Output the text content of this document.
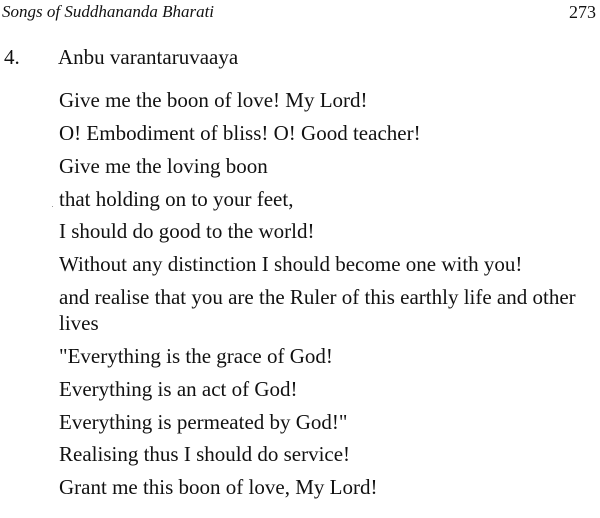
Songs of Suddhananda Bharati	273
4. Anbu varantaruvaaya
Give me the boon of love! My Lord!
O! Embodiment of bliss! O! Good teacher!
Give me the loving boon
that holding on to your feet,
I should do good to the world!
Without any distinction I should become one with you!
and realise that you are the Ruler of this earthly life and other lives
"Everything is the grace of God!
Everything is an act of God!
Everything is permeated by God!"
Realising thus I should do service!
Grant me this boon of love, My Lord!
